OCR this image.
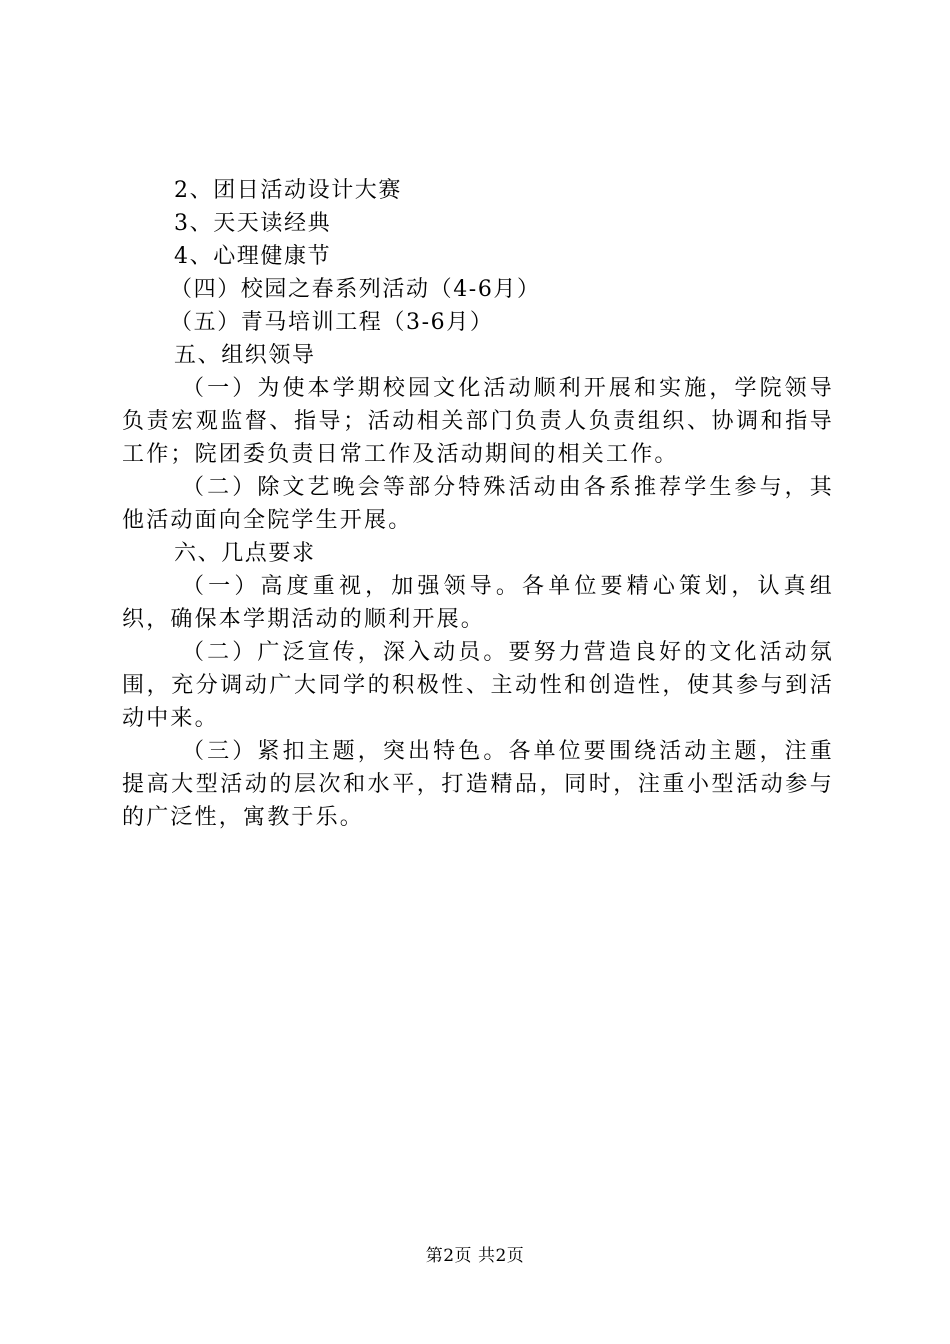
2、团日活动设计大赛
3、天天读经典
4、心理健康节
（四）校园之春系列活动（4-6月）
（五）青马培训工程（3-6月）
五、组织领导
（一）为使本学期校园文化活动顺利开展和实施，学院领导负责宏观监督、指导；活动相关部门负责人负责组织、协调和指导工作；院团委负责日常工作及活动期间的相关工作。
（二）除文艺晚会等部分特殊活动由各系推荐学生参与，其他活动面向全院学生开展。
六、几点要求
（一）高度重视，加强领导。各单位要精心策划，认真组织，确保本学期活动的顺利开展。
（二）广泛宣传，深入动员。要努力营造良好的文化活动氛围，充分调动广大同学的积极性、主动性和创造性，使其参与到活动中来。
（三）紧扣主题，突出特色。各单位要围绕活动主题，注重提高大型活动的层次和水平，打造精品，同时，注重小型活动参与的广泛性，寓教于乐。
第2页 共2页
